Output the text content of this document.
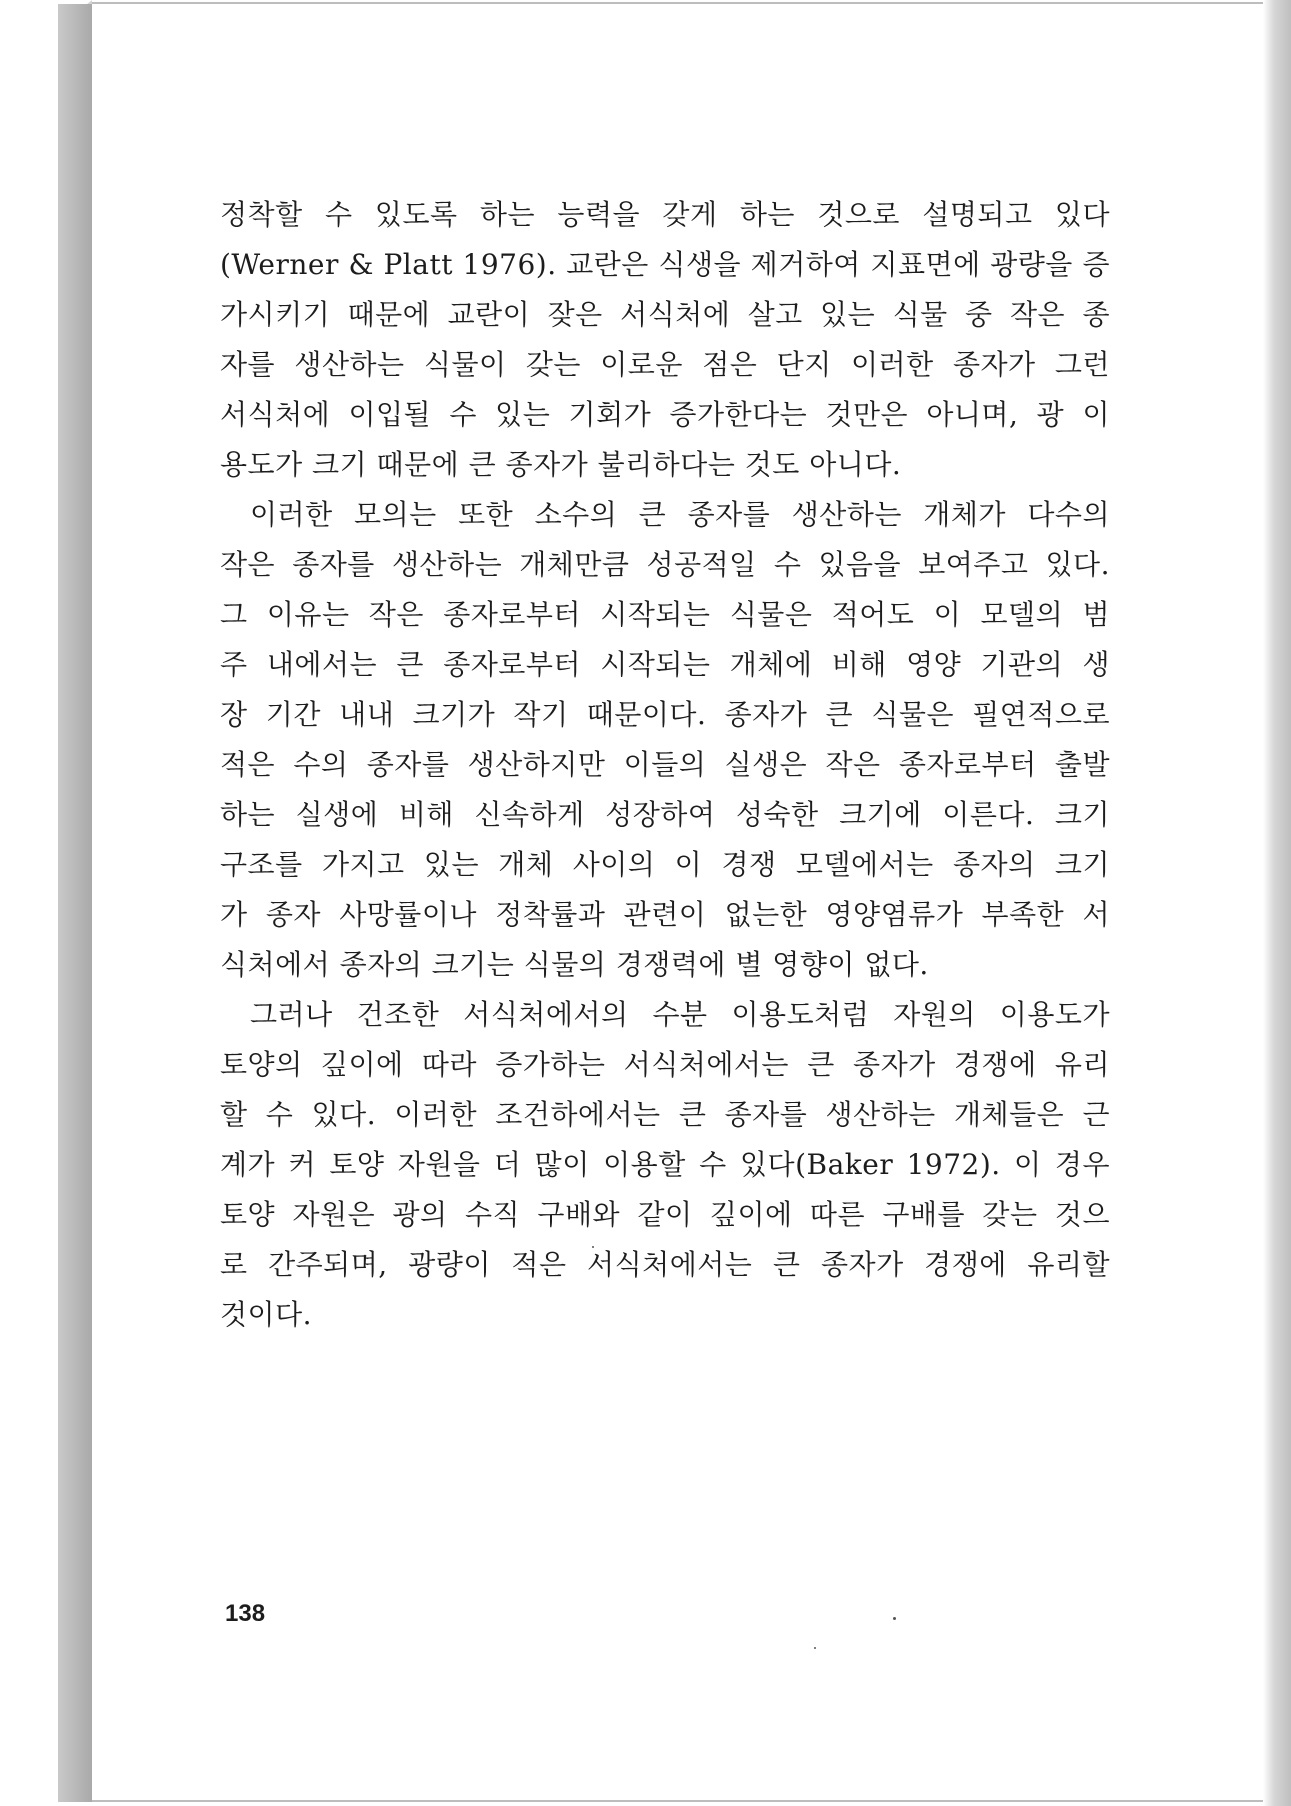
정착할 수 있도록 하는 능력을 갖게 하는 것으로 설명되고 있다
(Werner & Platt 1976). 교란은 식생을 제거하여 지표면에 광량을 증
가시키기 때문에 교란이 잦은 서식처에 살고 있는 식물 중 작은 종
자를 생산하는 식물이 갖는 이로운 점은 단지 이러한 종자가 그런
서식처에 이입될 수 있는 기회가 증가한다는 것만은 아니며, 광 이
용도가 크기 때문에 큰 종자가 불리하다는 것도 아니다.
이러한 모의는 또한 소수의 큰 종자를 생산하는 개체가 다수의
작은 종자를 생산하는 개체만큼 성공적일 수 있음을 보여주고 있다.
그 이유는 작은 종자로부터 시작되는 식물은 적어도 이 모델의 범
주 내에서는 큰 종자로부터 시작되는 개체에 비해 영양 기관의 생
장 기간 내내 크기가 작기 때문이다. 종자가 큰 식물은 필연적으로
적은 수의 종자를 생산하지만 이들의 실생은 작은 종자로부터 출발
하는 실생에 비해 신속하게 성장하여 성숙한 크기에 이른다. 크기
구조를 가지고 있는 개체 사이의 이 경쟁 모델에서는 종자의 크기
가 종자 사망률이나 정착률과 관련이 없는한 영양염류가 부족한 서
식처에서 종자의 크기는 식물의 경쟁력에 별 영향이 없다.
그러나 건조한 서식처에서의 수분 이용도처럼 자원의 이용도가
토양의 깊이에 따라 증가하는 서식처에서는 큰 종자가 경쟁에 유리
할 수 있다. 이러한 조건하에서는 큰 종자를 생산하는 개체들은 근
계가 커 토양 자원을 더 많이 이용할 수 있다(Baker 1972). 이 경우
토양 자원은 광의 수직 구배와 같이 깊이에 따른 구배를 갖는 것으
로 간주되며, 광량이 적은 서식처에서는 큰 종자가 경쟁에 유리할
것이다.
138
